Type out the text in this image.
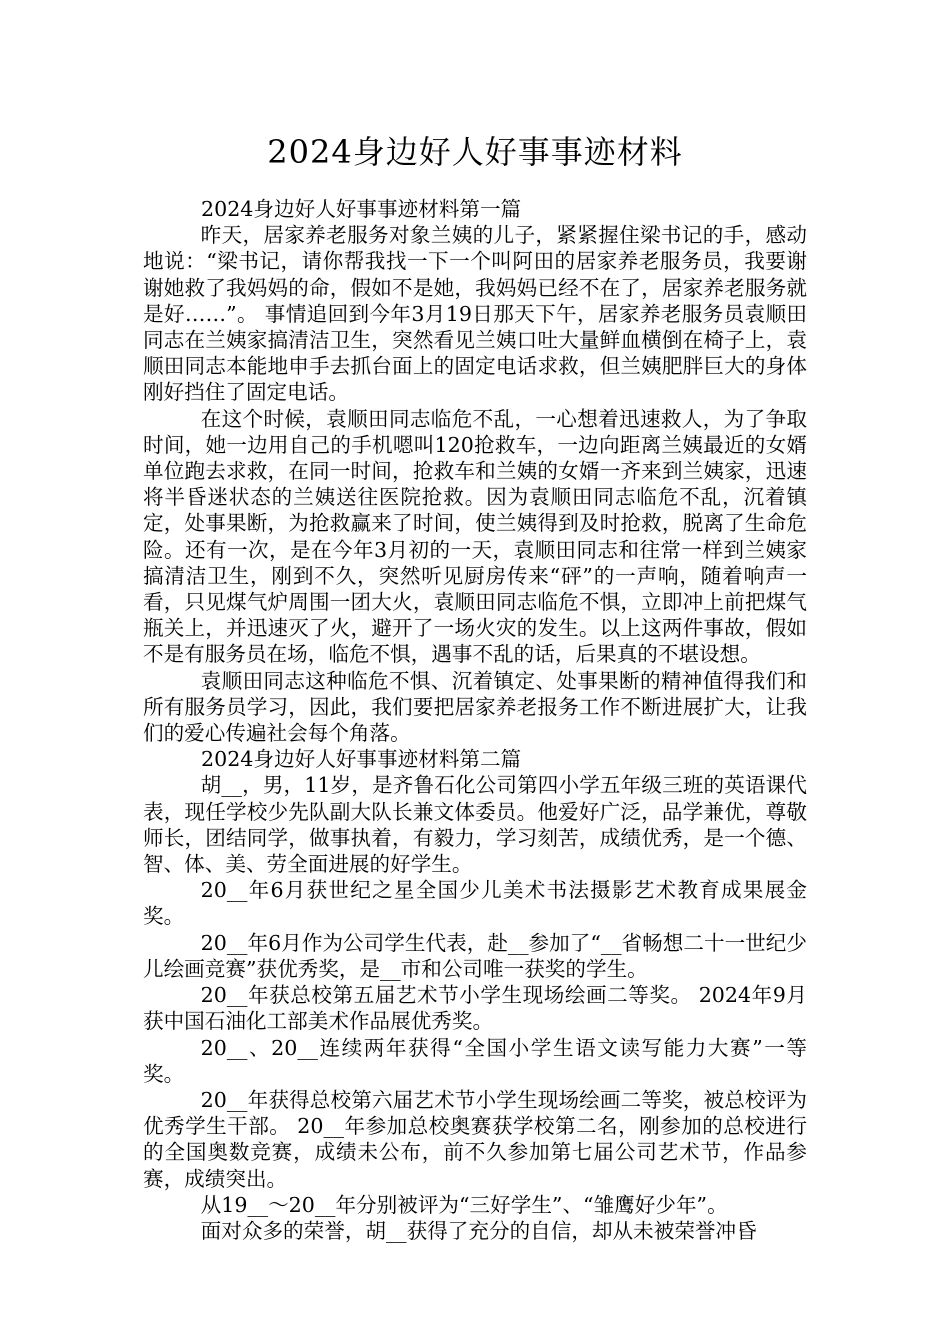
2024身边好人好事事迹材料

2024身边好人好事事迹材料第一篇

昨天，居家养老服务对象兰姨的儿子，紧紧握住梁书记的手，感动地说：“梁书记，请你帮我找一下一个叫阿田的居家养老服务员，我要谢谢她救了我妈妈的命，假如不是她，我妈妈已经不在了，居家养老服务就是好……”。 事情追回到今年3月19日那天下午，居家养老服务员袁顺田同志在兰姨家搞清洁卫生，突然看见兰姨口吐大量鲜血横倒在椅子上，袁顺田同志本能地申手去抓台面上的固定电话求救，但兰姨肥胖巨大的身体刚好挡住了固定电话。

在这个时候，袁顺田同志临危不乱，一心想着迅速救人，为了争取时间，她一边用自己的手机嗯叫120抢救车，一边向距离兰姨最近的女婿单位跑去求救，在同一时间，抢救车和兰姨的女婿一齐来到兰姨家，迅速将半昏迷状态的兰姨送往医院抢救。因为袁顺田同志临危不乱，沉着镇定，处事果断，为抢救赢来了时间，使兰姨得到及时抢救，脱离了生命危险。还有一次，是在今年3月初的一天，袁顺田同志和往常一样到兰姨家搞清洁卫生，刚到不久，突然听见厨房传来“砰”的一声响，随着响声一看，只见煤气炉周围一团大火，袁顺田同志临危不惧，立即冲上前把煤气瓶关上，并迅速灭了火，避开了一场火灾的发生。以上这两件事故，假如不是有服务员在场，临危不惧，遇事不乱的话，后果真的不堪设想。

袁顺田同志这种临危不惧、沉着镇定、处事果断的精神值得我们和所有服务员学习，因此，我们要把居家养老报务工作不断进展扩大，让我们的爱心传遍社会每个角落。

2024身边好人好事事迹材料第二篇

胡__，男，11岁，是齐鲁石化公司第四小学五年级三班的英语课代表，现任学校少先队副大队长兼文体委员。他爱好广泛，品学兼优，尊敬师长，团结同学，做事执着，有毅力，学习刻苦，成绩优秀，是一个德、智、体、美、劳全面进展的好学生。

20__年6月获世纪之星全国少儿美术书法摄影艺术教育成果展金奖。

20__年6月作为公司学生代表，赴__参加了“__省畅想二十一世纪少儿绘画竞赛”获优秀奖，是__市和公司唯一获奖的学生。

20__年获总校第五届艺术节小学生现场绘画二等奖。 2024年9月获中国石油化工部美术作品展优秀奖。

20__、20__连续两年获得“全国小学生语文读写能力大赛”一等奖。

20__年获得总校第六届艺术节小学生现场绘画二等奖，被总校评为优秀学生干部。 20__年参加总校奥赛获学校第二名，刚参加的总校进行的全国奥数竞赛，成绩未公布，前不久参加第七届公司艺术节，作品参赛，成绩突出。

从19__～20__年分别被评为“三好学生”、“雏鹰好少年”。

面对众多的荣誉，胡__获得了充分的自信，却从未被荣誉冲昏
